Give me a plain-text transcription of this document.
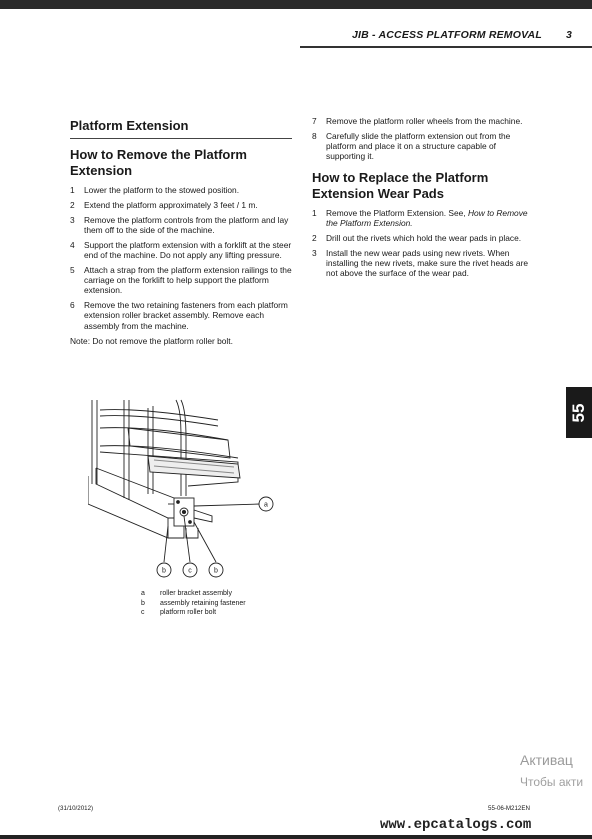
JIB - ACCESS PLATFORM REMOVAL 3
Platform Extension
How to Remove the Platform Extension
1	Lower the platform to the stowed position.
2	Extend the platform approximately 3 feet / 1 m.
3	Remove the platform controls from the platform and lay them off to the side of the machine.
4	Support the platform extension with a forklift at the steer end of the machine. Do not apply any lifting pressure.
5	Attach a strap from the platform extension railings to the carriage on the forklift to help support the platform extension.
6	Remove the two retaining fasteners from each platform extension roller bracket assembly. Remove each assembly from the machine.
Note: Do not remove the platform roller bolt.
a
b	c	b
a	roller bracket assembly
b	assembly retaining fastener
c	platform roller bolt
7	Remove the platform roller wheels from the machine.
8	Carefully slide the platform extension out from the platform and place it on a structure capable of supporting it.
How to Replace the Platform Extension Wear Pads
1	Remove the Platform Extension. See, How to Remove the Platform Extension.
2	Drill out the rivets which hold the wear pads in place.
3	Install the new wear pads using new rivets. When installing the new rivets, make sure the rivet heads are not above the surface of the wear pad.
55
Активац
Чтобы акти
(31/10/2012)	55-06-M212EN
www.epcatalogs.com
